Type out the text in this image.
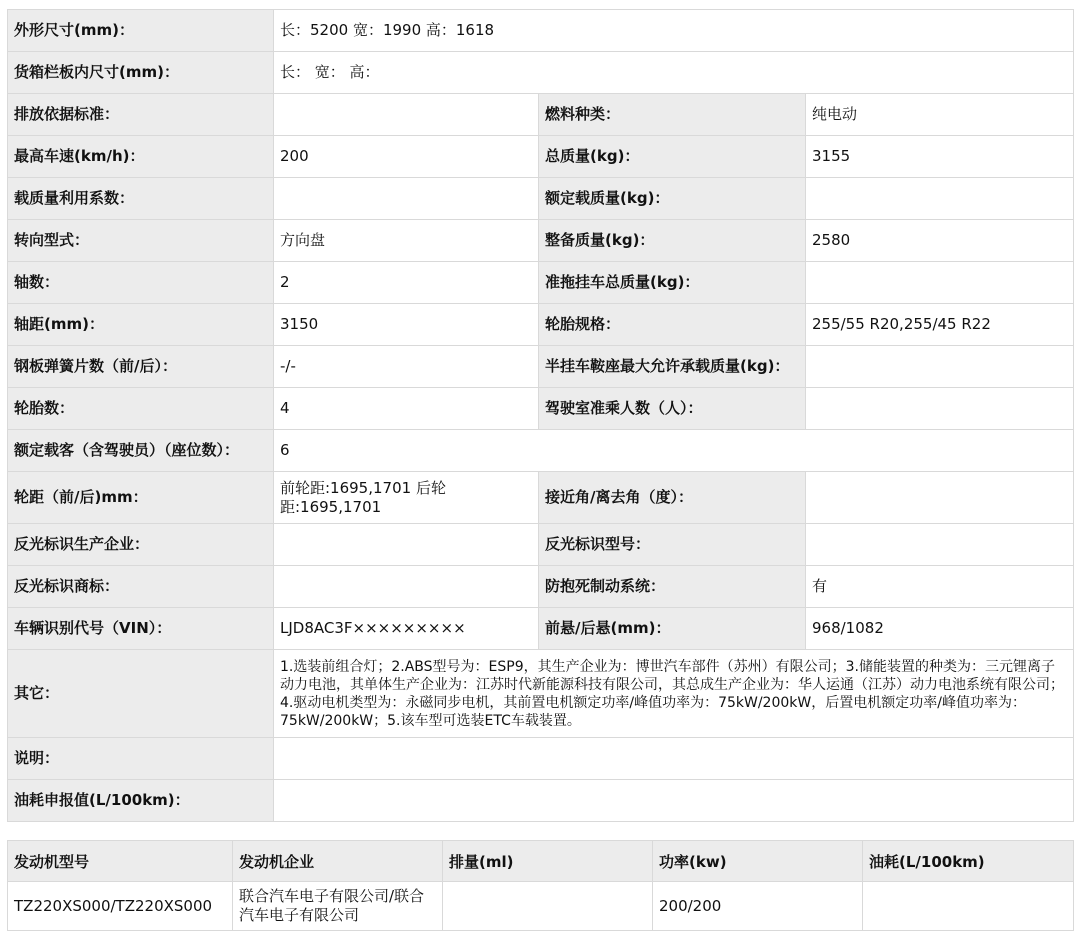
外形尺寸(mm)：	长：5200 宽：1990 高：1618		
货箱栏板内尺寸(mm)：	长： 宽： 高：		
排放依据标准：		燃料种类：	纯电动
最高车速(km/h)：	200	总质量(kg)：	3155
载质量利用系数：		额定载质量(kg)：	
转向型式：	方向盘	整备质量(kg)：	2580
轴数：	2	准拖挂车总质量(kg)：	
轴距(mm)：	3150	轮胎规格：	255/55 R20,255/45 R22
钢板弹簧片数（前/后）：	-/-	半挂车鞍座最大允许承载质量(kg)：	
轮胎数：	4	驾驶室准乘人数（人）：	
额定载客（含驾驶员）（座位数）：	6		
轮距（前/后)mm：	前轮距:1695,1701 后轮距:1695,1701	接近角/离去角（度）：	
反光标识生产企业：		反光标识型号：	
反光标识商标：		防抱死制动系统：	有
车辆识别代号（VIN）：	LJD8AC3F×××××××××	前悬/后悬(mm)：	968/1082
其它：	1.选装前组合灯；2.ABS型号为：ESP9，其生产企业为：博世汽车部件（苏州）有限公司；3.储能装置的种类为：三元锂离子动力电池，其单体生产企业为：江苏时代新能源科技有限公司，其总成生产企业为：华人运通（江苏）动力电池系统有限公司；4.驱动电机类型为：永磁同步电机，其前置电机额定功率/峰值功率为：75kW/200kW，后置电机额定功率/峰值功率为：75kW/200kW；5.该车型可选装ETC车载装置。		
说明：			
油耗申报值(L/100km)：			
发动机型号	发动机企业	排量(ml)	功率(kw)	油耗(L/100km)
TZ220XS000/TZ220XS000	联合汽车电子有限公司/联合汽车电子有限公司		200/200	
